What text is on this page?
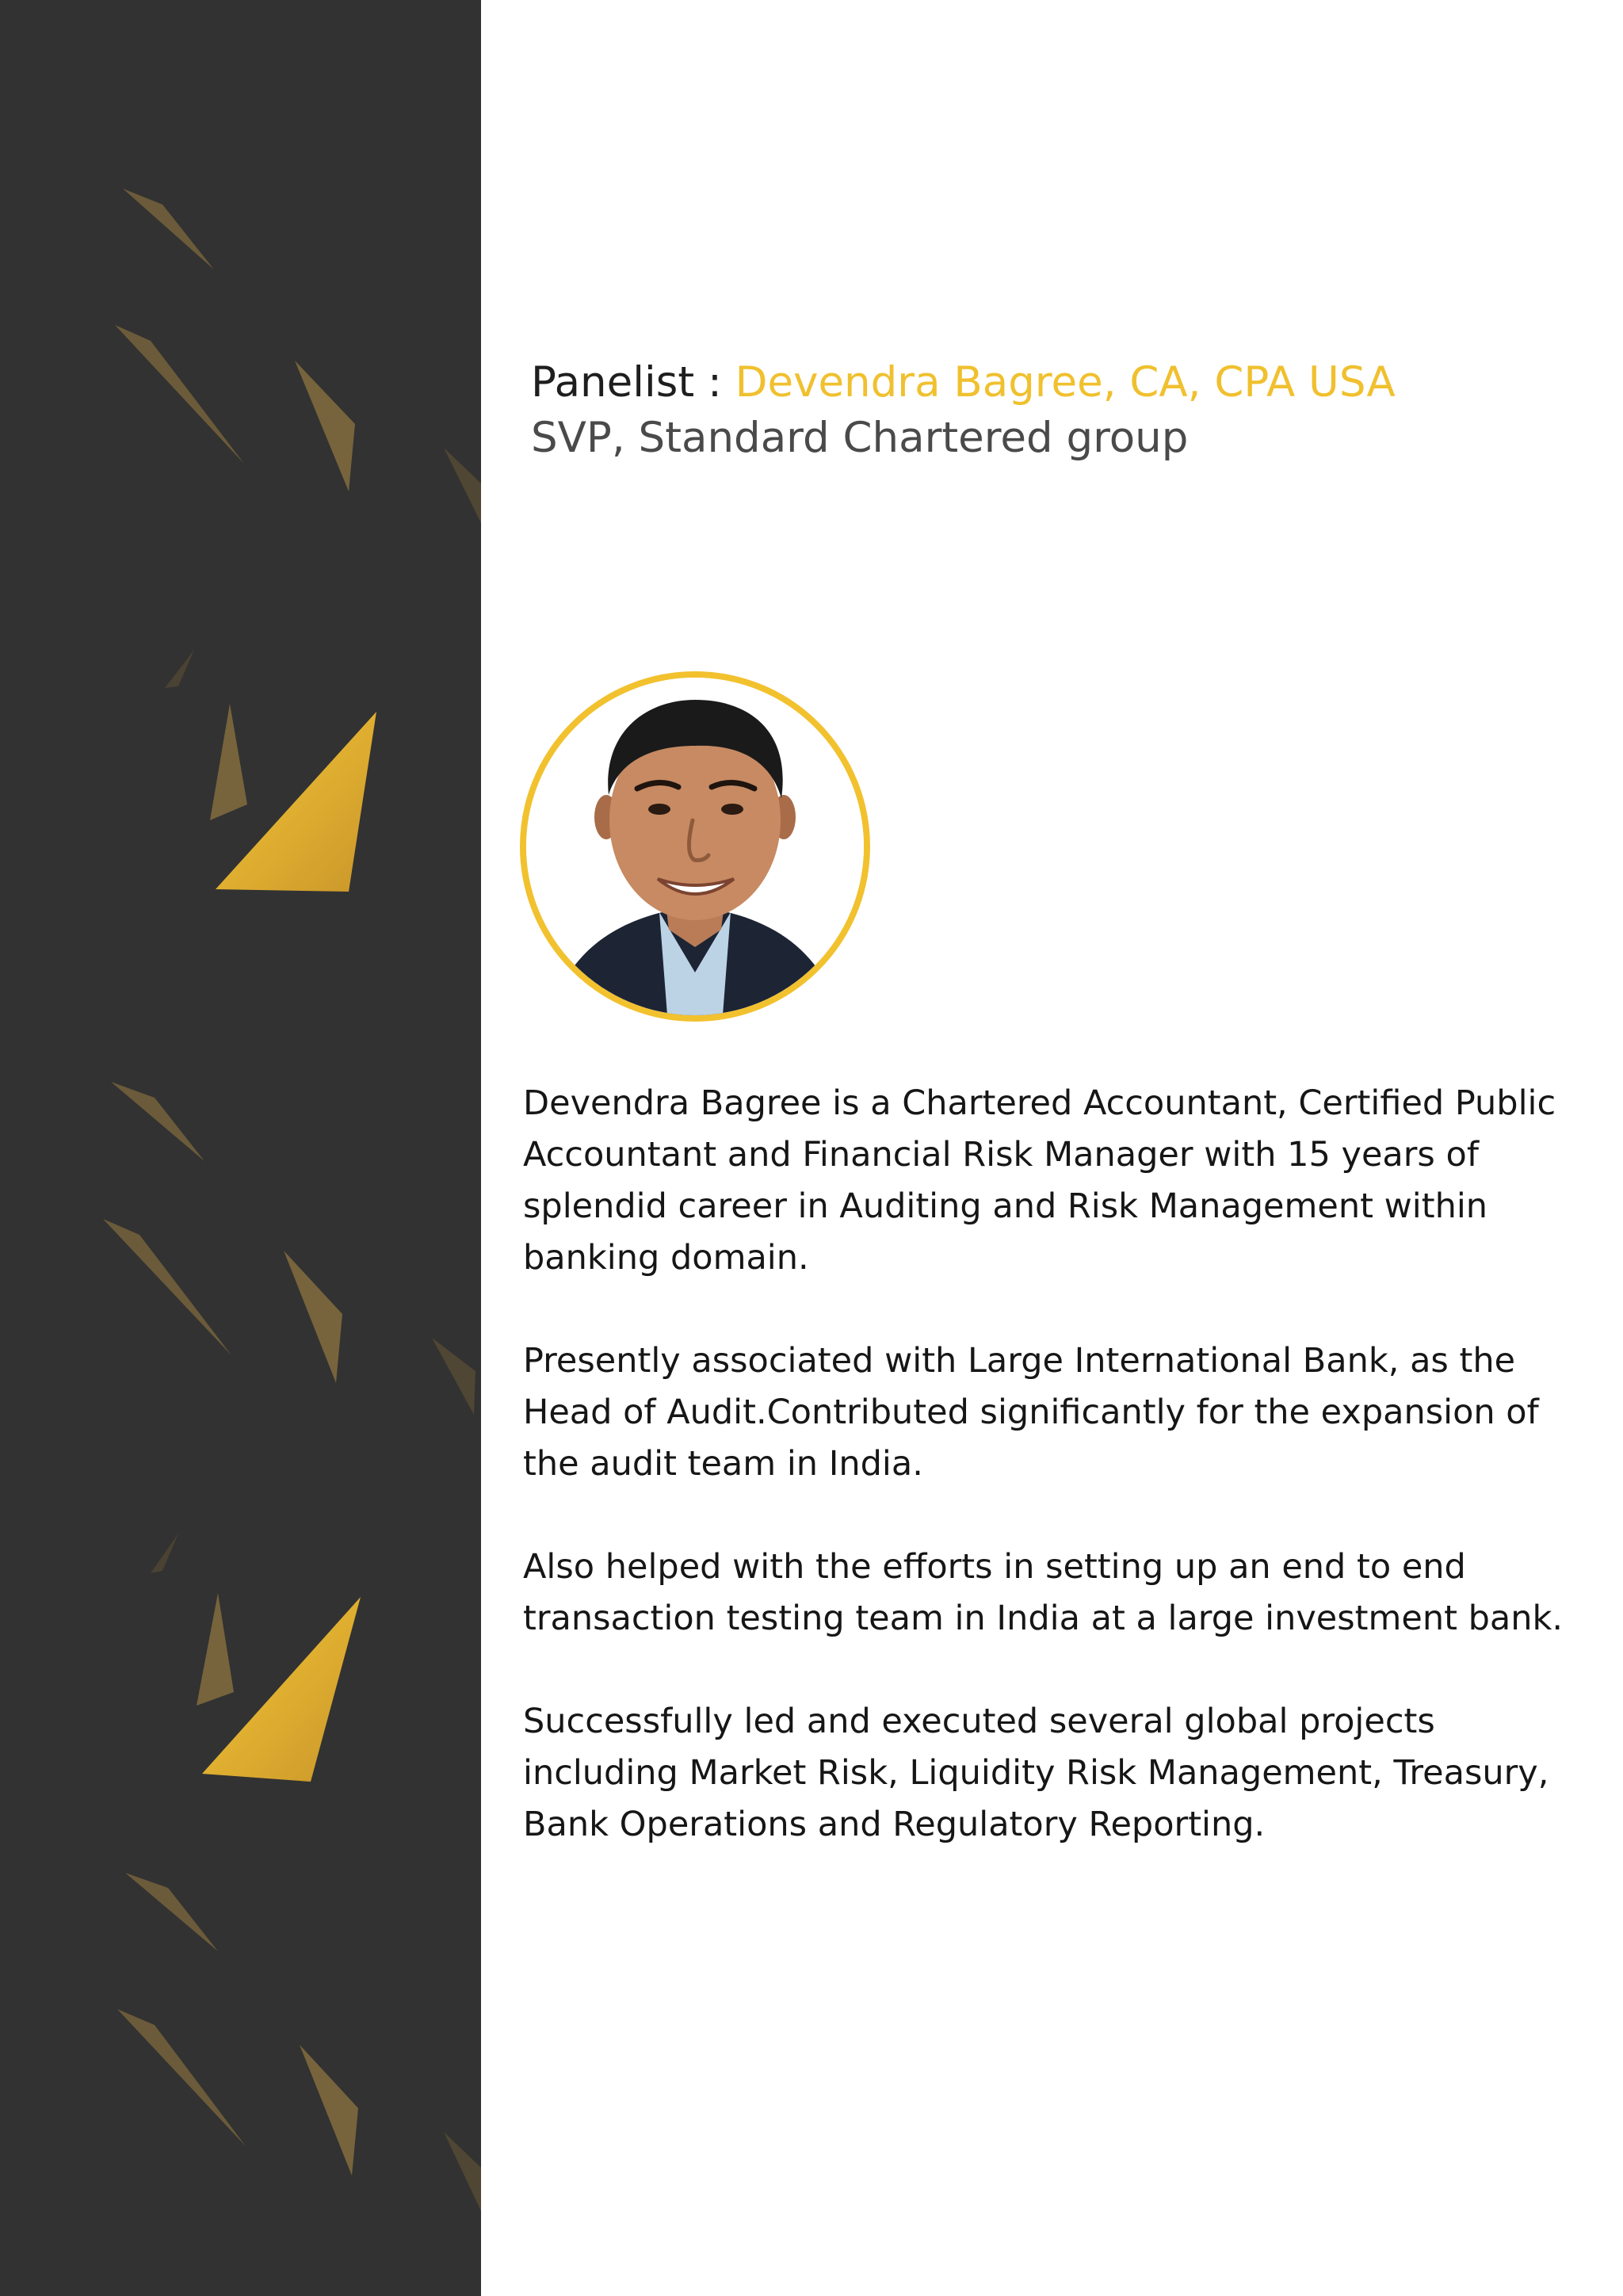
Panelist : Devendra Bagree, CA, CPA USA
SVP, Standard Chartered group

Devendra Bagree is a Chartered Accountant, Certified Public Accountant and Financial Risk Manager with 15 years of splendid career in Auditing and Risk Management within banking domain.

Presently associated with Large International Bank, as the Head of Audit.Contributed significantly for the expansion of the audit team in India.

Also helped with the efforts in setting up an end to end transaction testing team in India at a large investment bank.

Successfully led and executed several global projects including Market Risk, Liquidity Risk Management, Treasury, Bank Operations and Regulatory Reporting.
